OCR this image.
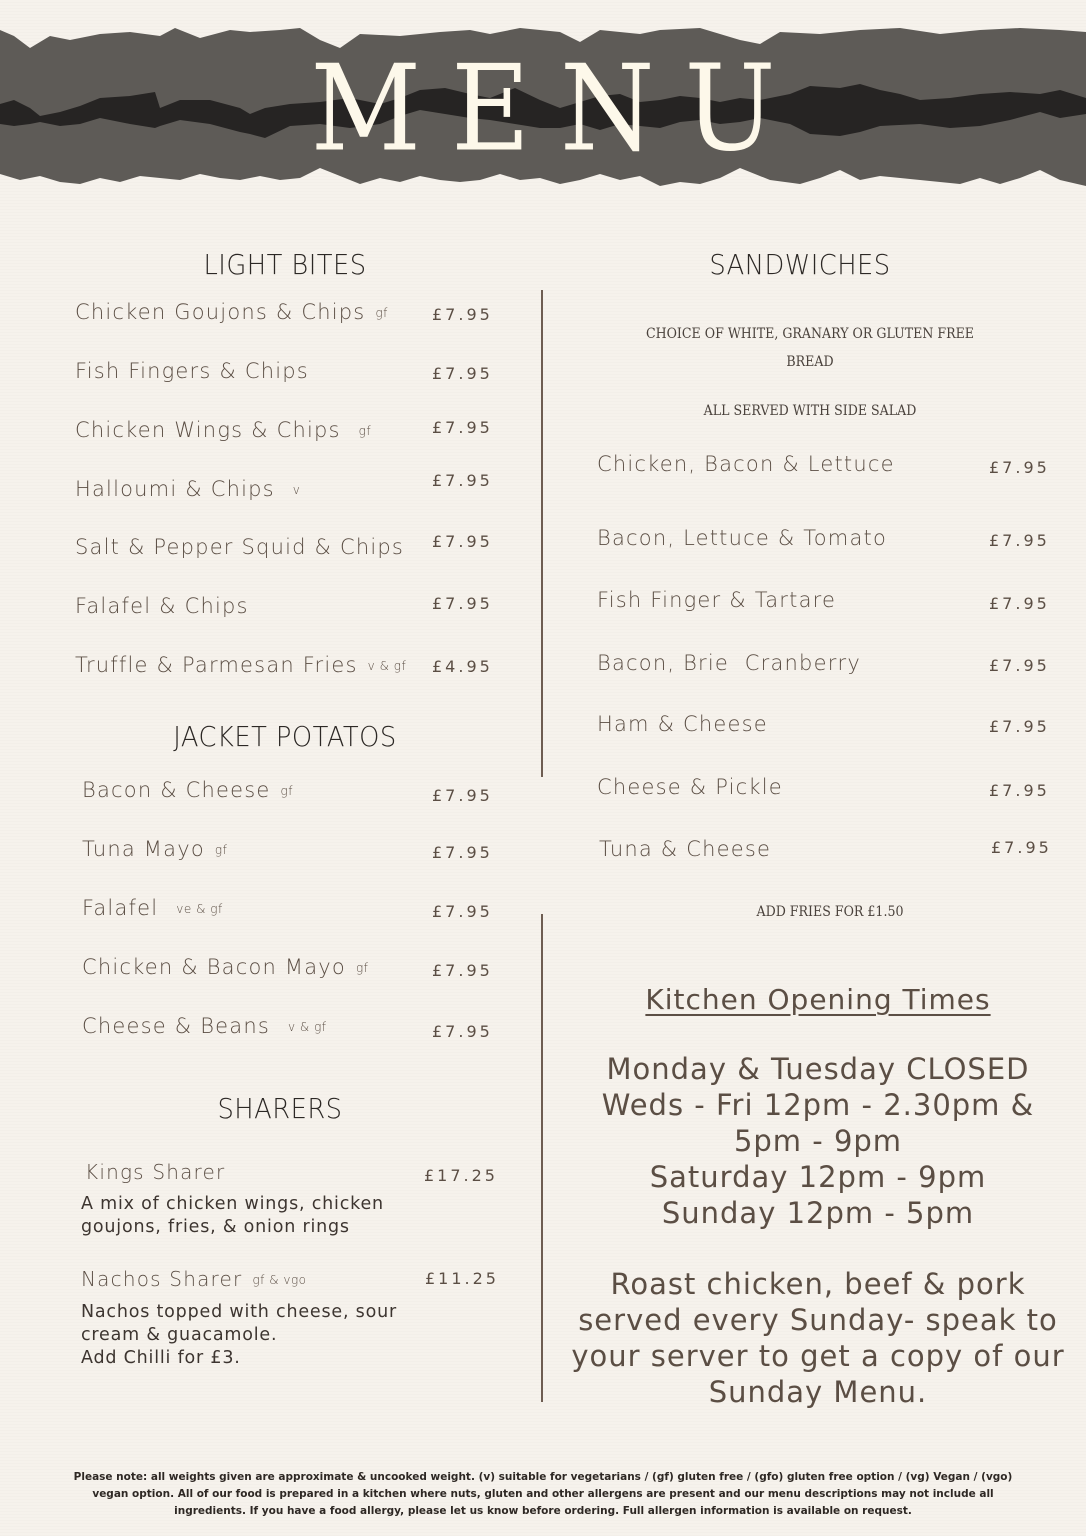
MENU
LIGHT BITES
Chicken Goujons & Chips gf	£7.95
Fish Fingers & Chips	£7.95
Chicken Wings & Chips gf	£7.95
Halloumi & Chips v	£7.95
Salt & Pepper Squid & Chips £7.95
Falafel & Chips	£7.95
Truffle & Parmesan Fries v & gf £4.95
JACKET POTATOS
Bacon & Cheese gf	£7.95
Tuna Mayo gf	£7.95
Falafel ve & gf	£7.95
Chicken & Bacon Mayo gf	£7.95
Cheese & Beans v & gf	£7.95
SHARERS
Kings Sharer	£17.25
A mix of chicken wings, chicken
goujons, fries, & onion rings
Nachos Sharer gf & vgo	£11.25
Nachos topped with cheese, sour
cream & guacamole.
Add Chilli for £3.
SANDWICHES
CHOICE OF WHITE, GRANARY OR GLUTEN FREE
BREAD
ALL SERVED WITH SIDE SALAD
Chicken, Bacon & Lettuce	£7.95
Bacon, Lettuce & Tomato	£7.95
Fish Finger & Tartare	£7.95
Bacon, Brie  Cranberry	£7.95
Ham & Cheese	£7.95
Cheese & Pickle	£7.95
Tuna & Cheese	£7.95
ADD FRIES FOR £1.50
Kitchen Opening Times
Monday & Tuesday CLOSED
Weds - Fri 12pm - 2.30pm &
5pm - 9pm
Saturday 12pm - 9pm
Sunday 12pm - 5pm
Roast chicken, beef & pork
served every Sunday- speak to
your server to get a copy of our
Sunday Menu.
Please note: all weights given are approximate & uncooked weight. (v) suitable for vegetarians / (gf) gluten free / (gfo) gluten free option / (vg) Vegan / (vgo)
vegan option. All of our food is prepared in a kitchen where nuts, gluten and other allergens are present and our menu descriptions may not include all
ingredients. If you have a food allergy, please let us know before ordering. Full allergen information is available on request.
